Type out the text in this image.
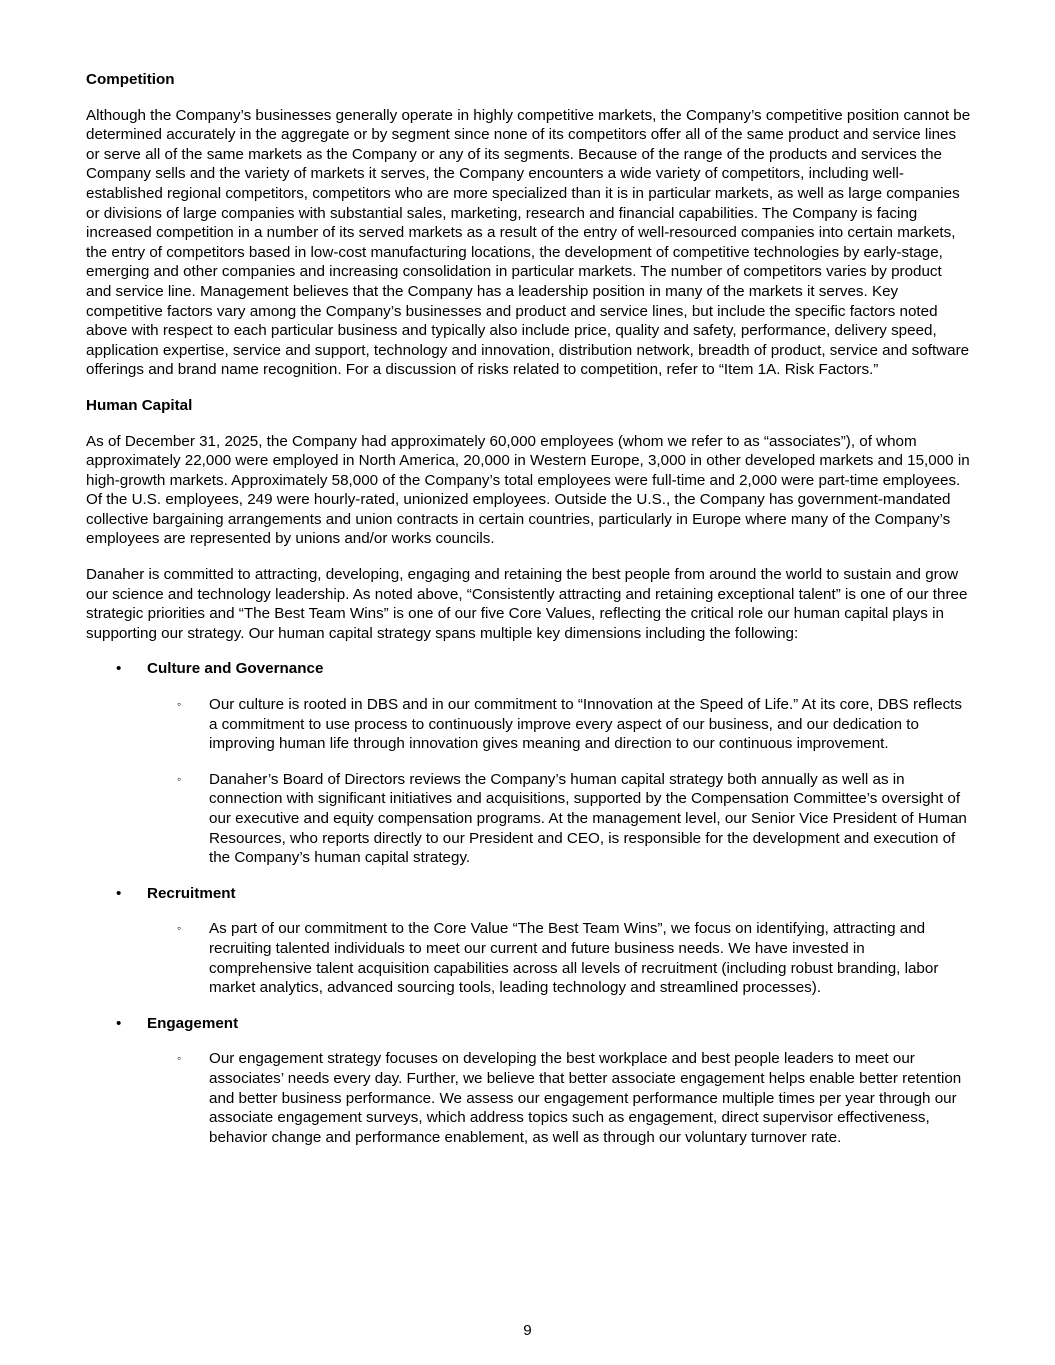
Competition

Although the Company’s businesses generally operate in highly competitive markets, the Company’s competitive position cannot be determined accurately in the aggregate or by segment since none of its competitors offer all of the same product and service lines or serve all of the same markets as the Company or any of its segments. Because of the range of the products and services the Company sells and the variety of markets it serves, the Company encounters a wide variety of competitors, including well-established regional competitors, competitors who are more specialized than it is in particular markets, as well as large companies or divisions of large companies with substantial sales, marketing, research and financial capabilities. The Company is facing increased competition in a number of its served markets as a result of the entry of well-resourced companies into certain markets, the entry of competitors based in low-cost manufacturing locations, the development of competitive technologies by early-stage, emerging and other companies and increasing consolidation in particular markets. The number of competitors varies by product and service line. Management believes that the Company has a leadership position in many of the markets it serves. Key competitive factors vary among the Company’s businesses and product and service lines, but include the specific factors noted above with respect to each particular business and typically also include price, quality and safety, performance, delivery speed, application expertise, service and support, technology and innovation, distribution network, breadth of product, service and software offerings and brand name recognition. For a discussion of risks related to competition, refer to “Item 1A. Risk Factors.”

Human Capital

As of December 31, 2025, the Company had approximately 60,000 employees (whom we refer to as “associates”), of whom approximately 22,000 were employed in North America, 20,000 in Western Europe, 3,000 in other developed markets and 15,000 in high-growth markets. Approximately 58,000 of the Company’s total employees were full-time and 2,000 were part-time employees. Of the U.S. employees, 249 were hourly-rated, unionized employees. Outside the U.S., the Company has government-mandated collective bargaining arrangements and union contracts in certain countries, particularly in Europe where many of the Company’s employees are represented by unions and/or works councils.

Danaher is committed to attracting, developing, engaging and retaining the best people from around the world to sustain and grow our science and technology leadership. As noted above, “Consistently attracting and retaining exceptional talent” is one of our three strategic priorities and “The Best Team Wins” is one of our five Core Values, reflecting the critical role our human capital plays in supporting our strategy. Our human capital strategy spans multiple key dimensions including the following:

• Culture and Governance
◦ Our culture is rooted in DBS and in our commitment to “Innovation at the Speed of Life.” At its core, DBS reflects a commitment to use process to continuously improve every aspect of our business, and our dedication to improving human life through innovation gives meaning and direction to our continuous improvement.
◦ Danaher’s Board of Directors reviews the Company’s human capital strategy both annually as well as in connection with significant initiatives and acquisitions, supported by the Compensation Committee’s oversight of our executive and equity compensation programs. At the management level, our Senior Vice President of Human Resources, who reports directly to our President and CEO, is responsible for the development and execution of the Company’s human capital strategy.
• Recruitment
◦ As part of our commitment to the Core Value “The Best Team Wins”, we focus on identifying, attracting and recruiting talented individuals to meet our current and future business needs. We have invested in comprehensive talent acquisition capabilities across all levels of recruitment (including robust branding, labor market analytics, advanced sourcing tools, leading technology and streamlined processes).
• Engagement
◦ Our engagement strategy focuses on developing the best workplace and best people leaders to meet our associates’ needs every day. Further, we believe that better associate engagement helps enable better retention and better business performance. We assess our engagement performance multiple times per year through our associate engagement surveys, which address topics such as engagement, direct supervisor effectiveness, behavior change and performance enablement, as well as through our voluntary turnover rate.
9
